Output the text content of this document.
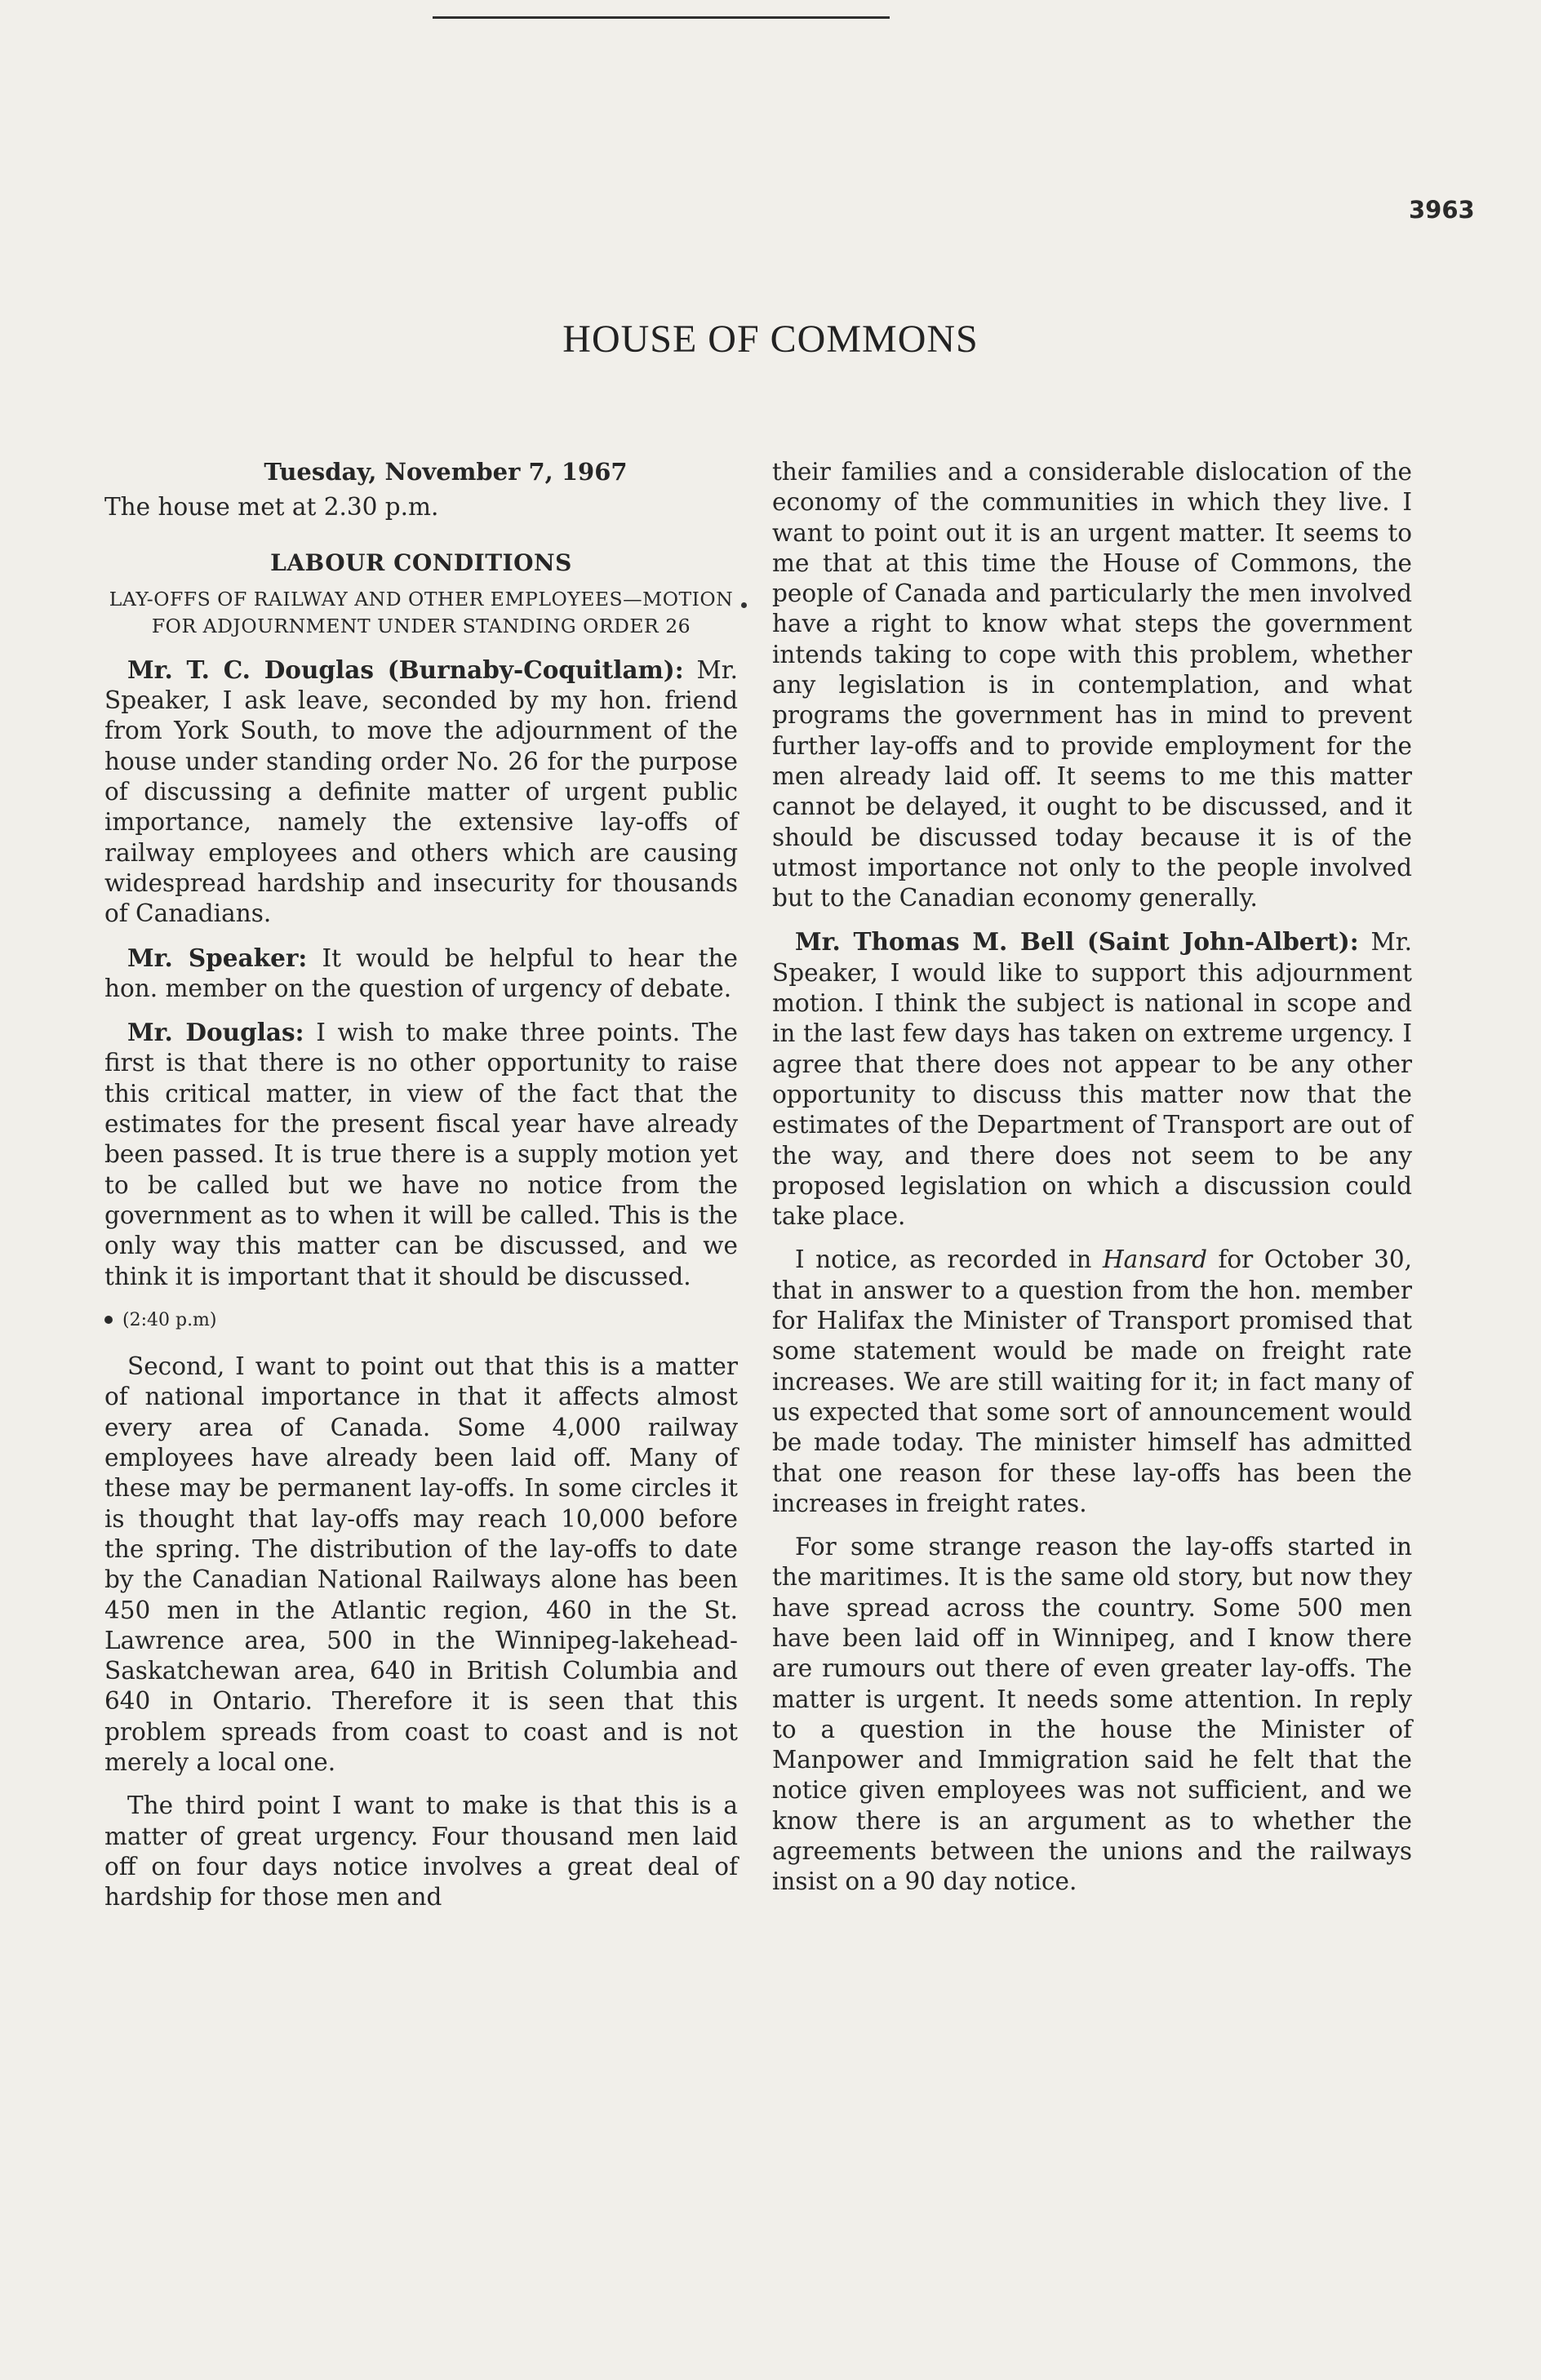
3963
HOUSE OF COMMONS
Tuesday, November 7, 1967

The house met at 2.30 p.m.

LABOUR CONDITIONS
LAY-OFFS OF RAILWAY AND OTHER EMPLOYEES—MOTION FOR ADJOURNMENT UNDER STANDING ORDER 26

Mr. T. C. Douglas (Burnaby-Coquitlam): Mr. Speaker, I ask leave, seconded by my hon. friend from York South, to move the adjournment of the house under standing order No. 26 for the purpose of discussing a definite matter of urgent public importance, namely the extensive lay-offs of railway employees and others which are causing widespread hardship and insecurity for thousands of Canadians.

Mr. Speaker: It would be helpful to hear the hon. member on the question of urgency of debate.

Mr. Douglas: I wish to make three points. The first is that there is no other opportunity to raise this critical matter, in view of the fact that the estimates for the present fiscal year have already been passed. It is true there is a supply motion yet to be called but we have no notice from the government as to when it will be called. This is the only way this matter can be discussed, and we think it is important that it should be discussed.

(2:40 p.m)

Second, I want to point out that this is a matter of national importance in that it affects almost every area of Canada. Some 4,000 railway employees have already been laid off. Many of these may be permanent lay-offs. In some circles it is thought that lay-offs may reach 10,000 before the spring. The distribution of the lay-offs to date by the Canadian National Railways alone has been 450 men in the Atlantic region, 460 in the St. Lawrence area, 500 in the Winnipeg-lakehead-Saskatchewan area, 640 in British Columbia and 640 in Ontario. Therefore it is seen that this problem spreads from coast to coast and is not merely a local one.

The third point I want to make is that this is a matter of great urgency. Four thousand men laid off on four days notice involves a great deal of hardship for those men and

their families and a considerable dislocation of the economy of the communities in which they live. I want to point out it is an urgent matter. It seems to me that at this time the House of Commons, the people of Canada and particularly the men involved have a right to know what steps the government intends taking to cope with this problem, whether any legislation is in contemplation, and what programs the government has in mind to prevent further lay-offs and to provide employment for the men already laid off. It seems to me this matter cannot be delayed, it ought to be discussed, and it should be discussed today because it is of the utmost importance not only to the people involved but to the Canadian economy generally.

Mr. Thomas M. Bell (Saint John-Albert): Mr. Speaker, I would like to support this adjournment motion. I think the subject is national in scope and in the last few days has taken on extreme urgency. I agree that there does not appear to be any other opportunity to discuss this matter now that the estimates of the Department of Transport are out of the way, and there does not seem to be any proposed legislation on which a discussion could take place.

I notice, as recorded in Hansard for October 30, that in answer to a question from the hon. member for Halifax the Minister of Transport promised that some statement would be made on freight rate increases. We are still waiting for it; in fact many of us expected that some sort of announcement would be made today. The minister himself has admitted that one reason for these lay-offs has been the increases in freight rates.

For some strange reason the lay-offs started in the maritimes. It is the same old story, but now they have spread across the country. Some 500 men have been laid off in Winnipeg, and I know there are rumours out there of even greater lay-offs. The matter is urgent. It needs some attention. In reply to a question in the house the Minister of Manpower and Immigration said he felt that the notice given employees was not sufficient, and we know there is an argument as to whether the agreements between the unions and the railways insist on a 90 day notice.
